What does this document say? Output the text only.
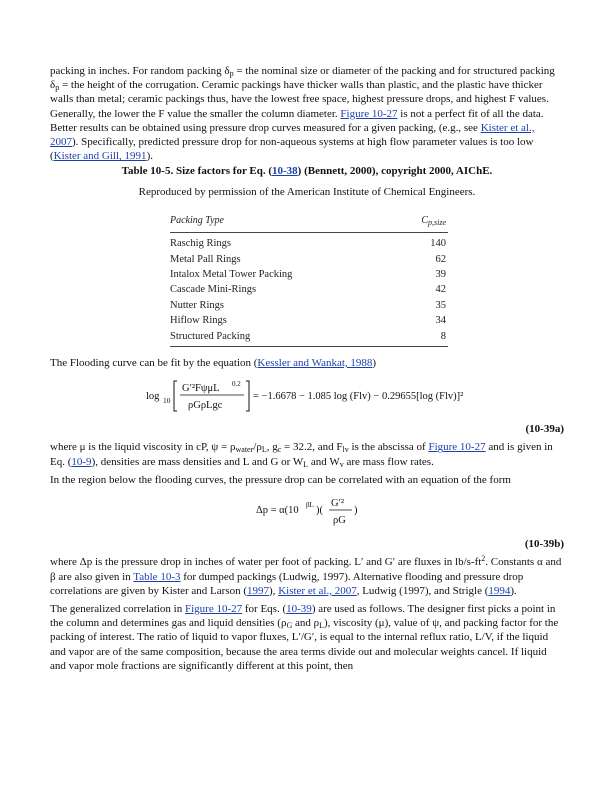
packing in inches. For random packing $\delta_p$ = the nominal size or diameter of the packing and for structured packing $\delta_p$ = the height of the corrugation. Ceramic packings have thicker walls than plastic, and the plastic have thicker walls than metal; ceramic packings thus, have the lowest free space, highest pressure drops, and highest F values. Generally, the lower the F value the smaller the column diameter. Figure 10-27 is not a perfect fit of all the data. Better results can be obtained using pressure drop curves measured for a given packing, (e.g., see Kister et al., 2007). Specifically, predicted pressure drop for non-aqueous systems at high flow parameter values is too low (Kister and Gill, 1991).

Table 10-5. Size factors for Eq. (10-38) (Bennett, 2000), copyright 2000, AIChE.

Reproduced by permission of the American Institute of Chemical Engineers.

Packing Type	$C_{p,size}$
Raschig Rings	140
Metal Pall Rings	62
Intalox Metal Tower Packing	39
Cascade Mini-Rings	42
Nutter Rings	35
Hiflow Rings	34
Structured Packing	8

The Flooding curve can be fit by the equation (Kessler and Wankat, 1988)

log 10
G′²FψμL 0.2
ρGρLgc
= −1.6678 − 1.085 log (Flv) − 0.29655[log (Flv)]²

(10-39a)

where μ is the liquid viscosity in cP, $\psi = \rho_{water}/\rho_L$, $g_c = 32.2$, and $F_{lv}$ is the abscissa of Figure 10-27 and is given in Eq. (10-9), densities are mass densities and L and G or $W_L$ and $W_v$ are mass flow rates.

In the region below the flooding curves, the pressure drop can be correlated with an equation of the form

Δp = α(10 βL )(
G′²
ρG
)

(10-39b)

where Δp is the pressure drop in inches of water per foot of packing. L′ and G′ are fluxes in $lb/s-ft^2$. Constants α and β are also given in Table 10-3 for dumped packings (Ludwig, 1997). Alternative flooding and pressure drop correlations are given by Kister and Larson (1997), Kister et al., 2007, Ludwig (1997), and Strigle (1994).

The generalized correlation in Figure 10-27 for Eqs. (10-39) are used as follows. The designer first picks a point in the column and determines gas and liquid densities ($\rho_G$ and $\rho_L$), viscosity (μ), value of ψ, and packing factor for the packing of interest. The ratio of liquid to vapor fluxes, L′/G′, is equal to the internal reflux ratio, L/V, if the liquid and vapor are of the same composition, because the area terms divide out and molecular weights cancel. If liquid and vapor mole fractions are significantly different at this point, then
